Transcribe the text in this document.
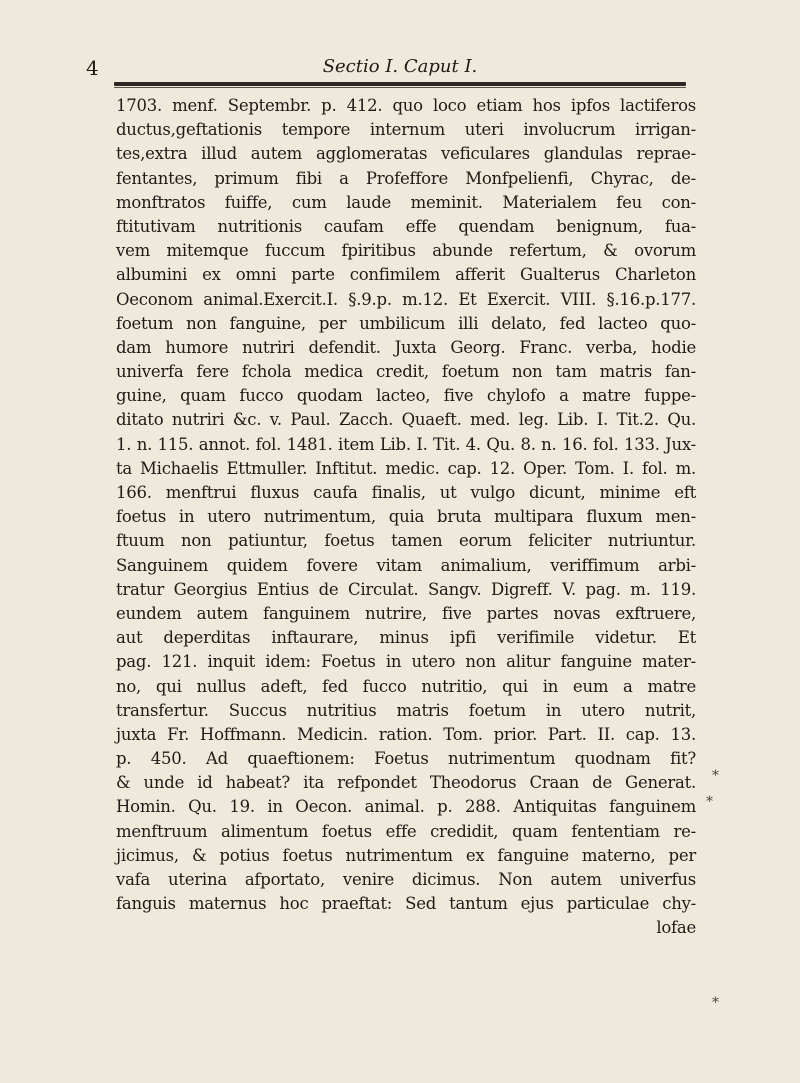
4	Sectio I. Caput I.
1703. menf. Septembr. p. 412. quo loco etiam hos ipfos lactiferos
ductus,geftationis tempore internum uteri involucrum irrigan-
tes,extra illud autem agglomeratas veficulares glandulas reprae-
fentantes, primum fibi a Profeffore Monfpelienfi, Chyrac, de-
monftratos fuiffe, cum laude meminit. Materialem feu con-
ftitutivam nutritionis caufam effe quendam benignum, fua-
vem mitemque fuccum fpiritibus abunde refertum, & ovorum
albumini ex omni parte confimilem afferit Gualterus Charleton
Oeconom animal.Exercit.I. §.9.p. m.12. Et Exercit. VIII. §.16.p.177.
foetum non fanguine, per umbilicum illi delato, fed lacteo quo-
dam humore nutriri defendit. Juxta Georg. Franc. verba, hodie
univerfa fere fchola medica credit, foetum non tam matris fan-
guine, quam fucco quodam lacteo, five chylofo a matre fuppe-
ditato nutriri &c. v. Paul. Zacch. Quaeft. med. leg. Lib. I. Tit.2. Qu.
1. n. 115. annot. fol. 1481. item Lib. I. Tit. 4. Qu. 8. n. 16. fol. 133. Jux-
ta Michaelis Ettmuller. Inftitut. medic. cap. 12. Oper. Tom. I. fol. m.
166. menftrui fluxus caufa finalis, ut vulgo dicunt, minime eft
foetus in utero nutrimentum, quia bruta multipara fluxum men-
ftuum non patiuntur, foetus tamen eorum feliciter nutriuntur.
Sanguinem quidem fovere vitam animalium, veriffimum arbi-
tratur Georgius Entius de Circulat. Sangv. Digreff. V. pag. m. 119.
eundem autem fanguinem nutrire, five partes novas exftruere,
aut deperditas inftaurare, minus ipfi verifimile videtur. Et
pag. 121. inquit idem: Foetus in utero non alitur fanguine mater-
no, qui nullus adeft, fed fucco nutritio, qui in eum a matre
transfertur. Succus nutritius matris foetum in utero nutrit,
juxta Fr. Hoffmann. Medicin. ration. Tom. prior. Part. II. cap. 13.
p. 450. Ad quaeftionem: Foetus nutrimentum quodnam fit?
& unde id habeat? ita refpondet Theodorus Craan de Generat.
Homin. Qu. 19. in Oecon. animal. p. 288. Antiquitas fanguinem
menftruum alimentum foetus effe credidit, quam fententiam re-
jicimus, & potius foetus nutrimentum ex fanguine materno, per
vafa uterina afportato, venire dicimus. Non autem univerfus
fanguis maternus hoc praeftat: Sed tantum ejus particulae chy-
lofae
*
*
*
